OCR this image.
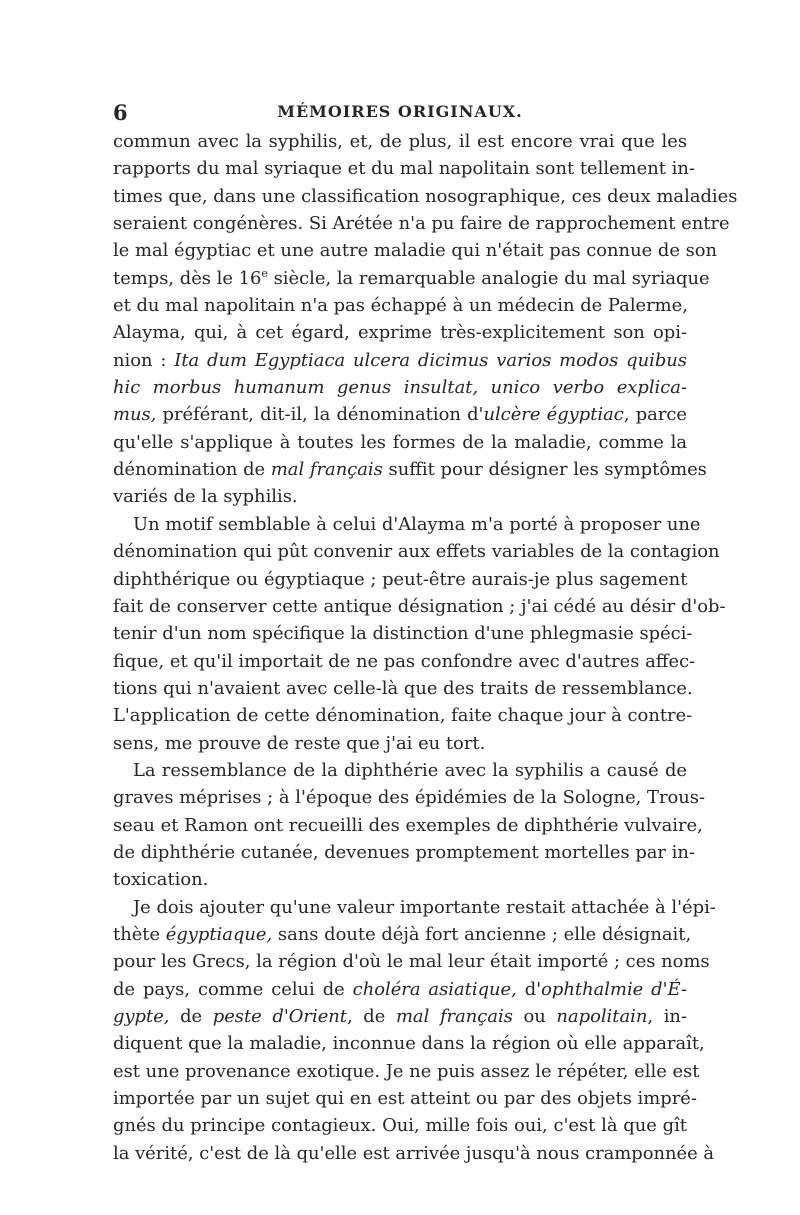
6	MÉMOIRES ORIGINAUX.
commun avec la syphilis, et, de plus, il est encore vrai que les
rapports du mal syriaque et du mal napolitain sont tellement in-
times que, dans une classification nosographique, ces deux maladies
seraient congénères. Si Arétée n'a pu faire de rapprochement entre
le mal égyptiac et une autre maladie qui n'était pas connue de son
temps, dès le 16e siècle, la remarquable analogie du mal syriaque
et du mal napolitain n'a pas échappé à un médecin de Palerme,
Alayma, qui, à cet égard, exprime très-explicitement son opi-
nion : Ita dum Egyptiaca ulcera dicimus varios modos quibus
hic morbus humanum genus insultat, unico verbo explica-
mus, préférant, dit-il, la dénomination d'ulcère égyptiac, parce
qu'elle s'applique à toutes les formes de la maladie, comme la
dénomination de mal français suffit pour désigner les symptômes
variés de la syphilis.
Un motif semblable à celui d'Alayma m'a porté à proposer une
dénomination qui pût convenir aux effets variables de la contagion
diphthérique ou égyptiaque ; peut-être aurais-je plus sagement
fait de conserver cette antique désignation ; j'ai cédé au désir d'ob-
tenir d'un nom spécifique la distinction d'une phlegmasie spéci-
fique, et qu'il importait de ne pas confondre avec d'autres affec-
tions qui n'avaient avec celle-là que des traits de ressemblance.
L'application de cette dénomination, faite chaque jour à contre-
sens, me prouve de reste que j'ai eu tort.
La ressemblance de la diphthérie avec la syphilis a causé de
graves méprises ; à l'époque des épidémies de la Sologne, Trous-
seau et Ramon ont recueilli des exemples de diphthérie vulvaire,
de diphthérie cutanée, devenues promptement mortelles par in-
toxication.
Je dois ajouter qu'une valeur importante restait attachée à l'épi-
thète égyptiaque, sans doute déjà fort ancienne ; elle désignait,
pour les Grecs, la région d'où le mal leur était importé ; ces noms
de pays, comme celui de choléra asiatique, d'ophthalmie d'É-
gypte, de peste d'Orient, de mal français ou napolitain, in-
diquent que la maladie, inconnue dans la région où elle apparaît,
est une provenance exotique. Je ne puis assez le répéter, elle est
importée par un sujet qui en est atteint ou par des objets impré-
gnés du principe contagieux. Oui, mille fois oui, c'est là que gît
la vérité, c'est de là qu'elle est arrivée jusqu'à nous cramponnée à
